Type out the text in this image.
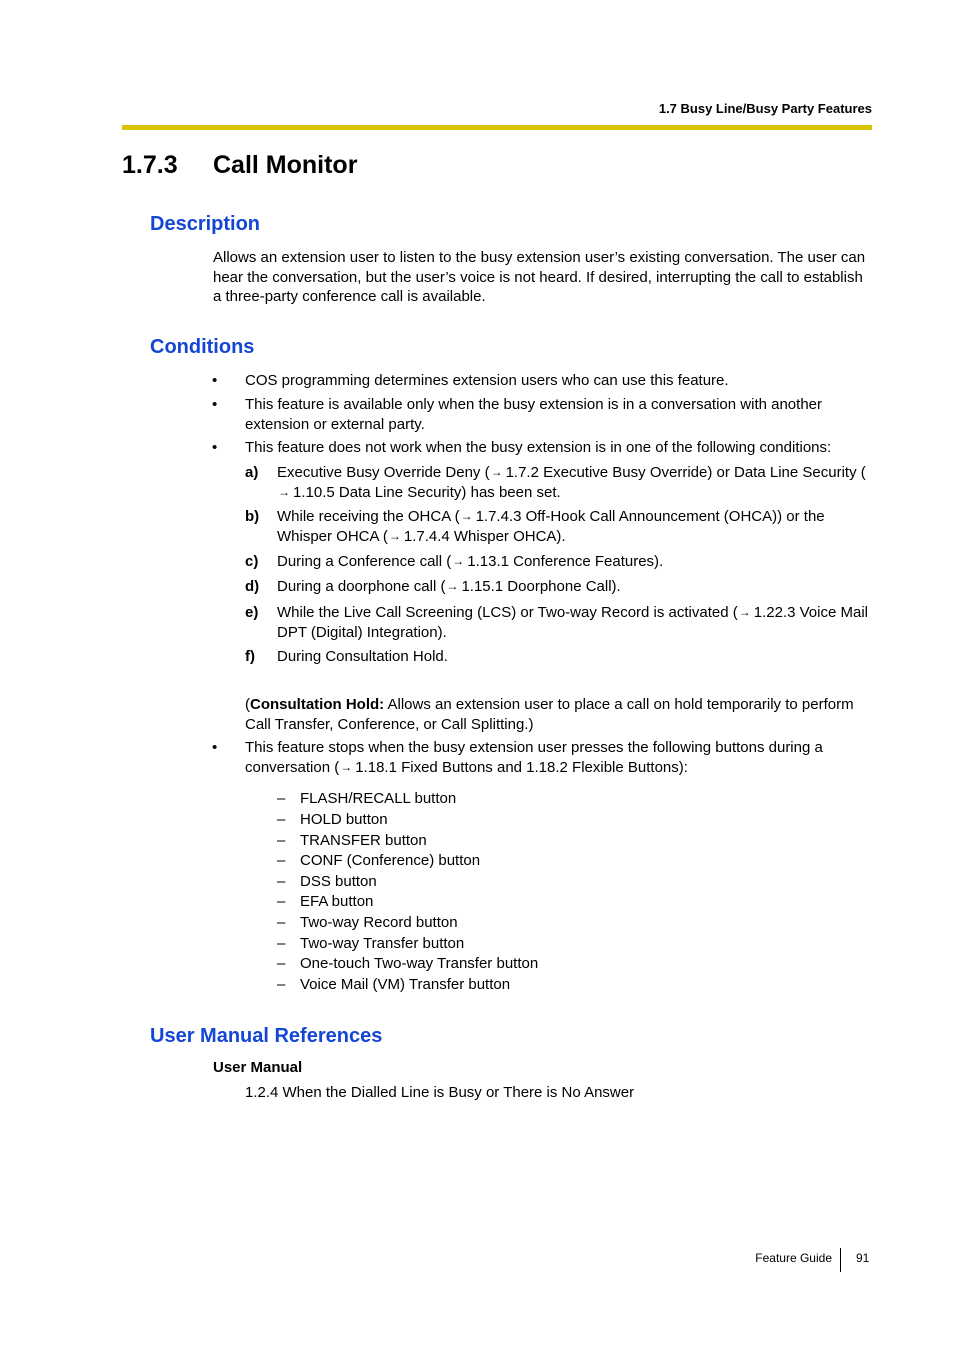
1.7 Busy Line/Busy Party Features
1.7.3 Call Monitor
Description
Allows an extension user to listen to the busy extension user’s existing conversation. The user can hear the conversation, but the user’s voice is not heard. If desired, interrupting the call to establish a three-party conference call is available.
Conditions
• COS programming determines extension users who can use this feature.
• This feature is available only when the busy extension is in a conversation with another extension or external party.
• This feature does not work when the busy extension is in one of the following conditions:
a) Executive Busy Override Deny (→ 1.7.2 Executive Busy Override) or Data Line Security (→ 1.10.5 Data Line Security) has been set.
b) While receiving the OHCA (→ 1.7.4.3 Off-Hook Call Announcement (OHCA)) or the Whisper OHCA (→ 1.7.4.4 Whisper OHCA).
c) During a Conference call (→ 1.13.1 Conference Features).
d) During a doorphone call (→ 1.15.1 Doorphone Call).
e) While the Live Call Screening (LCS) or Two-way Record is activated (→ 1.22.3 Voice Mail DPT (Digital) Integration).
f) During Consultation Hold.
(Consultation Hold: Allows an extension user to place a call on hold temporarily to perform Call Transfer, Conference, or Call Splitting.)
• This feature stops when the busy extension user presses the following buttons during a conversation (→ 1.18.1 Fixed Buttons and 1.18.2 Flexible Buttons):
– FLASH/RECALL button
– HOLD button
– TRANSFER button
– CONF (Conference) button
– DSS button
– EFA button
– Two-way Record button
– Two-way Transfer button
– One-touch Two-way Transfer button
– Voice Mail (VM) Transfer button
User Manual References
User Manual
1.2.4 When the Dialled Line is Busy or There is No Answer
Feature Guide 91
